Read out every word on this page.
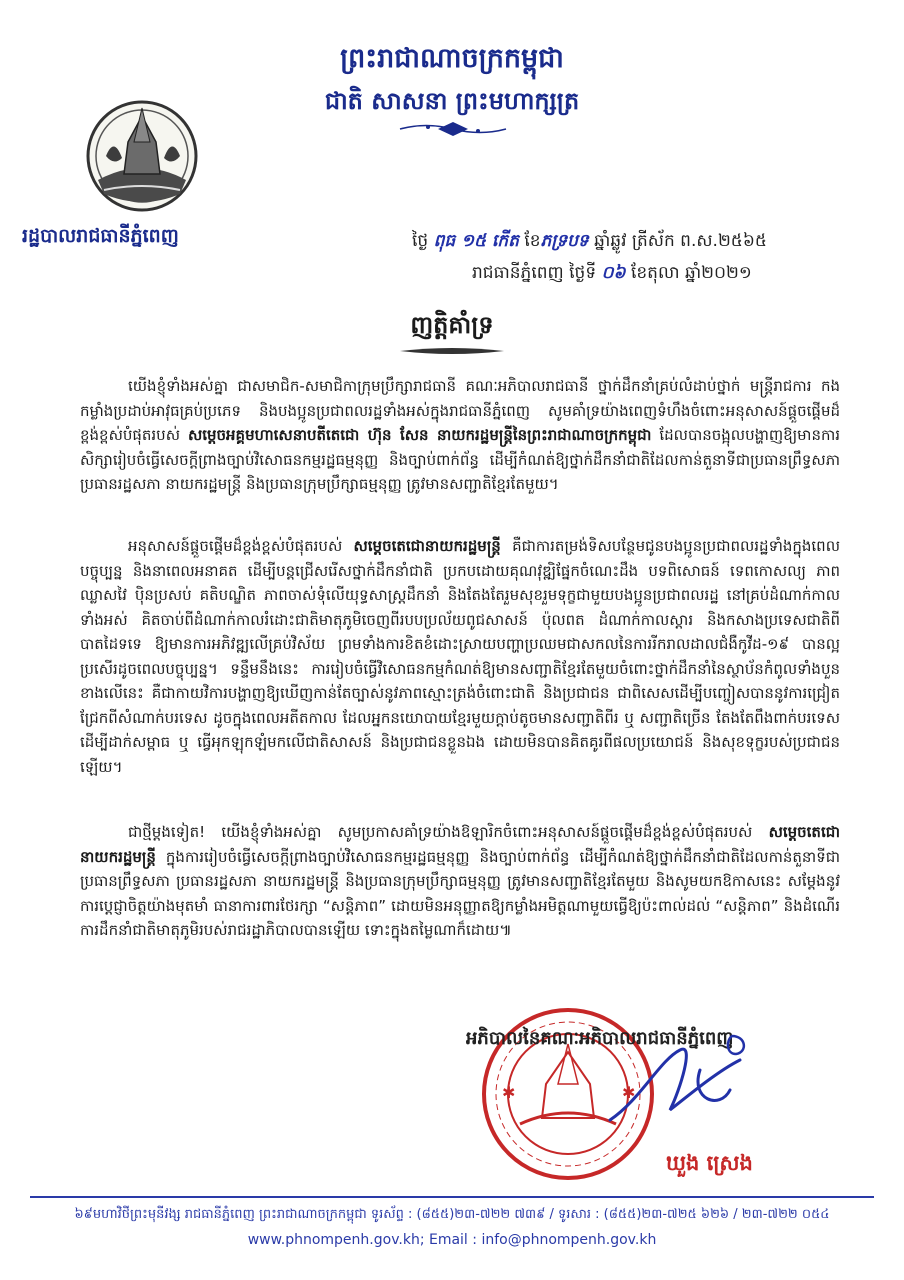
ព្រះរាជាណាចក្រកម្ពុជា
ជាតិ សាសនា ព្រះមហាក្សត្រ
រដ្ឋបាលរាជធានីភ្នំពេញ	ថ្ងៃ ពុធ ១៥ កើត ខែភទ្របទ ឆ្នាំឆ្លូវ ត្រីស័ក ព.ស.២៥៦៥
រាជធានីភ្នំពេញ ថ្ងៃទី ០៦ ខែតុលា ឆ្នាំ២០២១
ញត្តិគាំទ្រ
យើងខ្ញុំទាំងអស់គ្នា ជាសមាជិក-សមាជិកាក្រុមប្រឹក្សារាជធានី គណៈអភិបាលរាជធានី ថ្នាក់ដឹកនាំគ្រប់លំដាប់ថ្នាក់ មន្ត្រីរាជការ កងកម្លាំងប្រដាប់អាវុធគ្រប់ប្រភេទ និងបងប្អូនប្រជាពលរដ្ឋទាំងអស់ក្នុងរាជធានីភ្នំពេញ សូមគាំទ្រយ៉ាងពេញទំហឹងចំពោះអនុសាសន៍ផ្ដួចផ្ដើមដ៏ខ្ពង់ខ្ពស់បំផុតរបស់ សម្តេចអគ្គមហាសេនាបតីតេជោ ហ៊ុន សែន នាយករដ្ឋមន្ត្រីនៃព្រះរាជាណាចក្រកម្ពុជា ដែលបានចង្អុលបង្ហាញឱ្យមានការសិក្សារៀបចំធ្វើសេចក្តីព្រាងច្បាប់វិសោធនកម្មរដ្ឋធម្មនុញ្ញ និងច្បាប់ពាក់ព័ន្ធ ដើម្បីកំណត់ឱ្យថ្នាក់ដឹកនាំជាតិដែលកាន់តួនាទីជាប្រធានព្រឹទ្ធសភា ប្រធានរដ្ឋសភា នាយករដ្ឋមន្ត្រី និងប្រធានក្រុមប្រឹក្សាធម្មនុញ្ញ ត្រូវមានសញ្ជាតិខ្មែរតែមួយ។
អនុសាសន៍ផ្តួចផ្តើមដ៏ខ្ពង់ខ្ពស់បំផុតរបស់ សម្តេចតេជោនាយករដ្ឋមន្ត្រី គឺជាការតម្រង់ទិសបន្ថែមជូនបងប្អូនប្រជាពលរដ្ឋទាំងក្នុងពេលបច្ចុប្បន្ន និងនាពេលអនាគត ដើម្បីបន្តជ្រើសរើសថ្នាក់ដឹកនាំជាតិ ប្រកបដោយគុណវុឌ្ឍិផ្នែកចំណេះដឹង បទពិសោធន៍ ទេពកោសល្យ ភាពឈ្លាសវៃ ប៉ិនប្រសប់ គតិបណ្ឌិត ភាពចាស់ទុំលើយុទ្ធសាស្ត្រដឹកនាំ និងតែងតែរួមសុខរួមទុក្ខជាមួយបងប្អូនប្រជាពលរដ្ឋ នៅគ្រប់ដំណាក់កាលទាំងអស់ គិតចាប់ពីដំណាក់កាលរំដោះជាតិមាតុភូមិចេញពីរបបប្រល័យពូជសាសន៍ ប៉ុលពត ដំណាក់កាលស្តារ និងកសាងប្រទេសជាតិពីបាតដៃទទេ ឱ្យមានការអភិវឌ្ឍលើគ្រប់វិស័យ ព្រមទាំងការខិតខំដោះស្រាយបញ្ហាប្រឈមជាសកលនៃការរីករាលដាលជំងឺកូវីដ-១៩ បានល្អប្រសើរដូចពេលបច្ចុប្បន្ន។ ទន្ទឹមនឹងនេះ ការរៀបចំធ្វើវិសោធនកម្មកំណត់ឱ្យមានសញ្ជាតិខ្មែរតែមួយចំពោះថ្នាក់ដឹកនាំនៃស្ថាប័នកំពូលទាំងបួនខាងលើនេះ គឺជាកាយវិការបង្ហាញឱ្យឃើញកាន់តែច្បាស់នូវភាពស្មោះត្រង់ចំពោះជាតិ និងប្រជាជន ជាពិសេសដើម្បីបញ្ចៀសបាននូវការជ្រៀតជ្រែកពីសំណាក់បរទេស ដូចក្នុងពេលអតីតកាល ដែលអ្នកនយោបាយខ្មែរមួយក្តាប់តូចមានសញ្ជាតិពីរ ឬ សញ្ជាតិច្រើន តែងតែពឹងពាក់បរទេស ដើម្បីដាក់សម្ពាធ ឬ ធ្វើអុកឡុកឡំមកលើជាតិសាសន៍ និងប្រជាជនខ្លួនឯង ដោយមិនបានគិតគូរពីផលប្រយោជន៍ និងសុខទុក្ខរបស់ប្រជាជនឡើយ។
ជាថ្មីម្តងទៀត! យើងខ្ញុំទាំងអស់គ្នា សូមប្រកាសគាំទ្រយ៉ាងឱឡារិកចំពោះអនុសាសន៍ផ្តួចផ្តើមដ៏ខ្ពង់ខ្ពស់បំផុតរបស់ សម្តេចតេជោនាយករដ្ឋមន្ត្រី ក្នុងការរៀបចំធ្វើសេចក្តីព្រាងច្បាប់វិសោធនកម្មរដ្ឋធម្មនុញ្ញ និងច្បាប់ពាក់ព័ន្ធ ដើម្បីកំណត់ឱ្យថ្នាក់ដឹកនាំជាតិដែលកាន់តួនាទីជាប្រធានព្រឹទ្ធសភា ប្រធានរដ្ឋសភា នាយករដ្ឋមន្ត្រី និងប្រធានក្រុមប្រឹក្សាធម្មនុញ្ញ ត្រូវមានសញ្ជាតិខ្មែរតែមួយ និងសូមយកឱកាសនេះ សម្តែងនូវការប្តេជ្ញាចិត្តយ៉ាងមុតមាំ ធានាការពារថែរក្សា “សន្តិភាព” ដោយមិនអនុញ្ញាតឱ្យកម្លាំងអមិត្តណាមួយធ្វើឱ្យប៉ះពាល់ដល់ “សន្តិភាព” និងដំណើរការដឹកនាំជាតិមាតុភូមិរបស់រាជរដ្ឋាភិបាលបានឡើយ ទោះក្នុងតម្លៃណាក៏ដោយ៕
✱	✱
អភិបាលនៃគណៈអភិបាលរាជធានីភ្នំពេញ
ឃួង ស្រេង
៦៩មហាវិថីព្រះមុនីវង្ស រាជធានីភ្នំពេញ ព្រះរាជាណាចក្រកម្ពុជា ទូរស័ព្ទ : (៨៥៥)២៣-៧២២ ៧៣៩ / ទូរសារ : (៨៥៥)២៣-៧២៥ ៦២៦ / ២៣-៧២២ ០៥៤
www.phnompenh.gov.kh; Email : info@phnompenh.gov.kh
